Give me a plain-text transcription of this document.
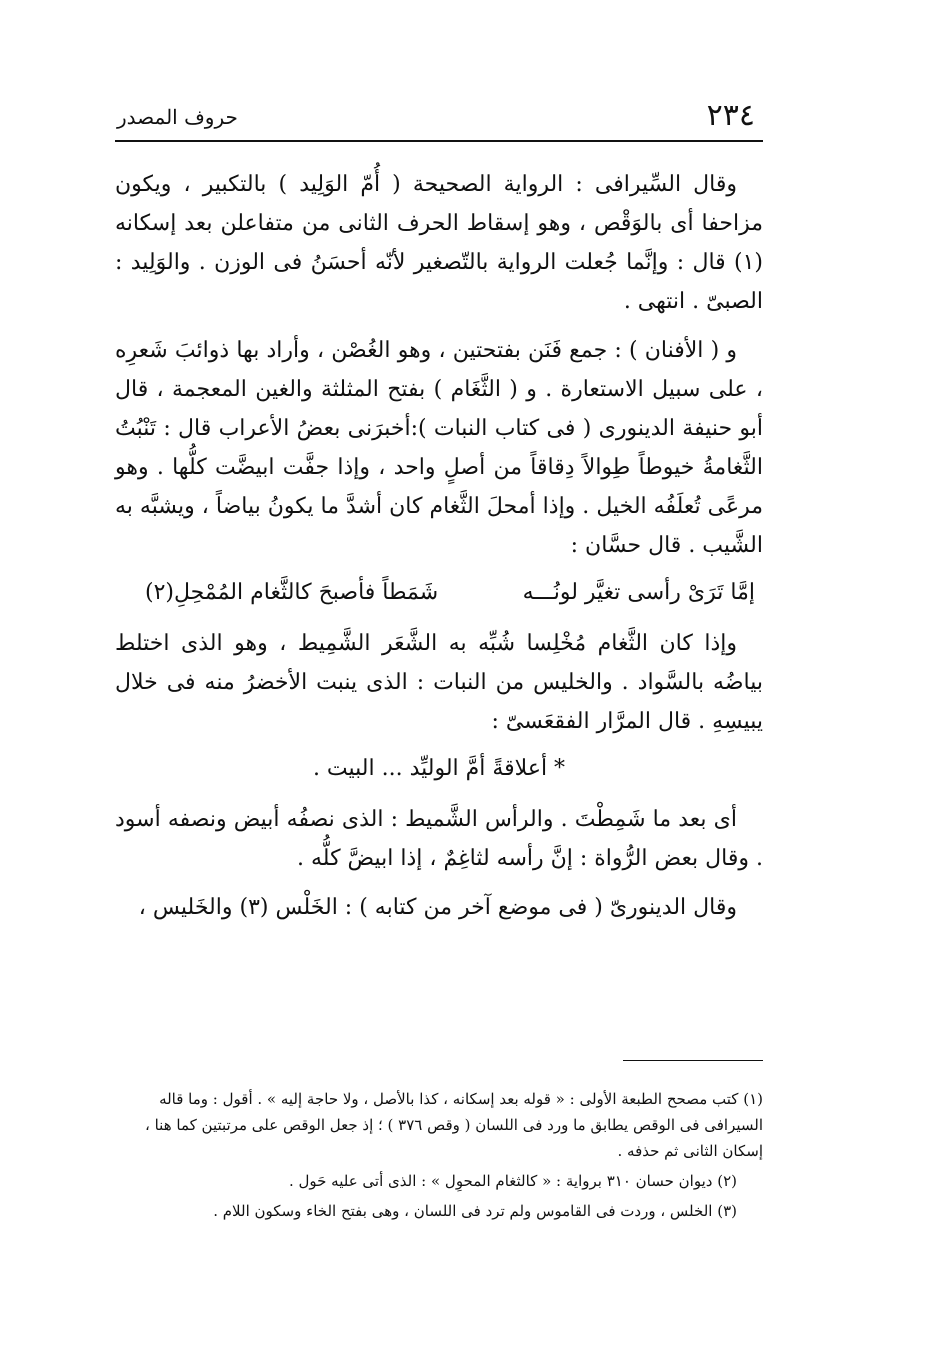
٢٣٤
حروف المصدر

وقال السِّيرافى : الرواية الصحيحة ( أُمّ الوَلِيد ) بالتكبير ، ويكون مزاحفا أى بالوَقْص ، وهو إسقاط الحرف الثانى من متفاعلن بعد إسكانه (١) قال : وإنَّما جُعلت الرواية بالتّصغير لأنّه أحسَنُ فى الوزن . والوَلِيد : الصبىّ . انتهى .

و ( الأفنان ) : جمع فَنَن بفتحتين ، وهو الغُصْن ، وأراد بها ذوائبَ شَعرِه ، على سبيل الاستعارة . و ( الثَّغَام ) بفتح المثلثة والغين المعجمة ، قال أبو حنيفة الدينورى ( فى كتاب النبات ):أخبرَنى بعضُ الأعراب قال : تَنْبُتُ الثَّغامةُ خيوطاً طِوالاً دِقاقاً من أصلٍ واحد ، وإذا جفَّت ابيضَّت كلُّها . وهو مرعًى تُعلَفُه الخيل . وإذا أمحلَ الثَّغام كان أشدَّ ما يكونُ بياضاً ، ويشبَّه به الشَّيب . قال حسَّان :

إمَّا تَرَىْ رأسى تغيَّر لونُـــه
شَمَطاً فأصبحَ كالثَّغام المُمْحِلِ(٢)

وإذا كان الثَّغام مُخْلِسا شُبِّه به الشَّعَر الشَّمِيط ، وهو الذى اختلط بياضُه بالسَّواد . والخليس من النبات : الذى ينبت الأخضرُ منه فى خلال يبيسِهِ . قال المرَّار الفقعَسىّ :

* أعلاقةً أمَّ الوليِّد ... البيت .

أى بعد ما شَمِطْتَ . والرأس الشَّميط : الذى نصفُه أبيض ونصفه أسود . وقال بعض الرُّواة : إنَّ رأسه لثاغِمٌ ، إذا ابيضَّ كلُّه .

وقال الدينورىّ ( فى موضع آخر من كتابه ) : الخَلْس (٣) والخَليس ،

(١) كتب مصحح الطبعة الأولى : « قوله بعد إسكانه ، كذا بالأصل ، ولا حاجة إليه » . أقول : وما قاله السيرافى فى الوقص يطابق ما ورد فى اللسان ( وقص ٣٧٦ ) ؛ إذ جعل الوقص على مرتبتين كما هنا ، إسكان الثانى ثم حذفه .

(٢) ديوان حسان ٣١٠ برواية : « كالثغام المحوِل » : الذى أتى عليه حَول .

(٣) الخلس ، وردت فى القاموس ولم ترد فى اللسان ، وهى بفتح الخاء وسكون اللام .
